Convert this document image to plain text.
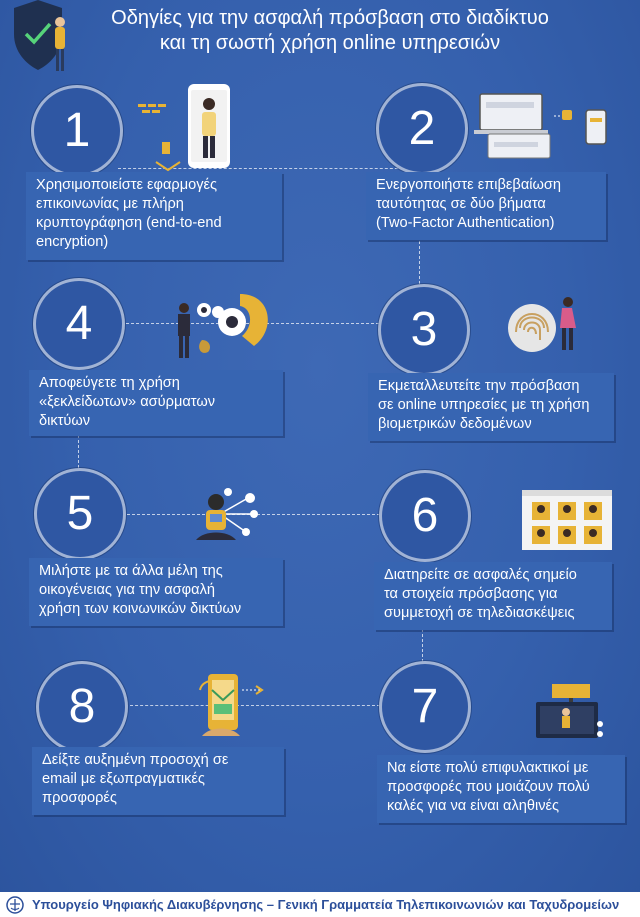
Οδηγίες για την ασφαλή πρόσβαση στο διαδίκτυο
και τη σωστή χρήση online υπηρεσιών
1	2
3
4
5	6
7
8
Χρησιμοποιείστε εφαρμογές
επικοινωνίας με πλήρη
κρυπτογράφηση (end-to-end
encryption)
Ενεργοποιήστε επιβεβαίωση
ταυτότητας σε δύο βήματα
(Two-Factor Authentication)
Εκμεταλλευτείτε την πρόσβαση
σε online υπηρεσίες με τη χρήση
βιομετρικών δεδομένων
Αποφεύγετε τη χρήση
«ξεκλείδωτων» ασύρματων
δικτύων
Μιλήστε με τα άλλα μέλη της
οικογένειας για την ασφαλή
χρήση των κοινωνικών δικτύων
Διατηρείτε σε ασφαλές σημείο
τα στοιχεία πρόσβασης για
συμμετοχή σε τηλεδιασκέψεις
Να είστε πολύ επιφυλακτικοί με
προσφορές που μοιάζουν πολύ
καλές για να είναι αληθινές
Δείξτε αυξημένη προσοχή σε
email με εξωπραγματικές
προσφορές
Υπουργείο Ψηφιακής Διακυβέρνησης – Γενική Γραμματεία Τηλεπικοινωνιών και Ταχυδρομείων
